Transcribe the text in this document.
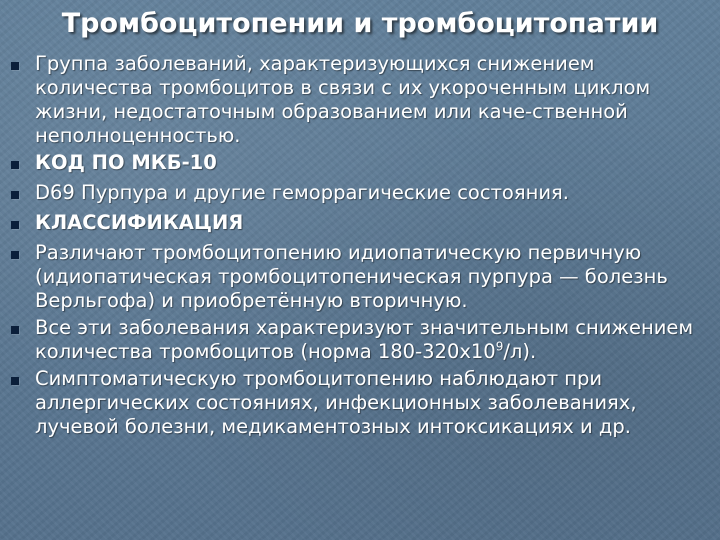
Тромбоцитопении и тромбоцитопатии
Группа заболеваний, характеризующихся снижением количества тромбоцитов в связи с их укороченным циклом жизни, недостаточным образованием или каче-ственной неполноценностью.
КОД ПО МКБ-10
D69 Пурпура и другие геморрагические состояния.
КЛАССИФИКАЦИЯ
Различают тромбоцитопению идиопатическую первичную (идиопатическая тромбоцитопеническая пурпура — болезнь Верльгофа) и приобретённую вторичную.
Все эти заболевания характеризуют значительным снижением количества тромбоцитов (норма $180-320х10^9/л$).
Симптоматическую тромбоцитопению наблюдают при аллергических состояниях, инфекционных заболеваниях, лучевой болезни, медикаментозных интоксикациях и др.
